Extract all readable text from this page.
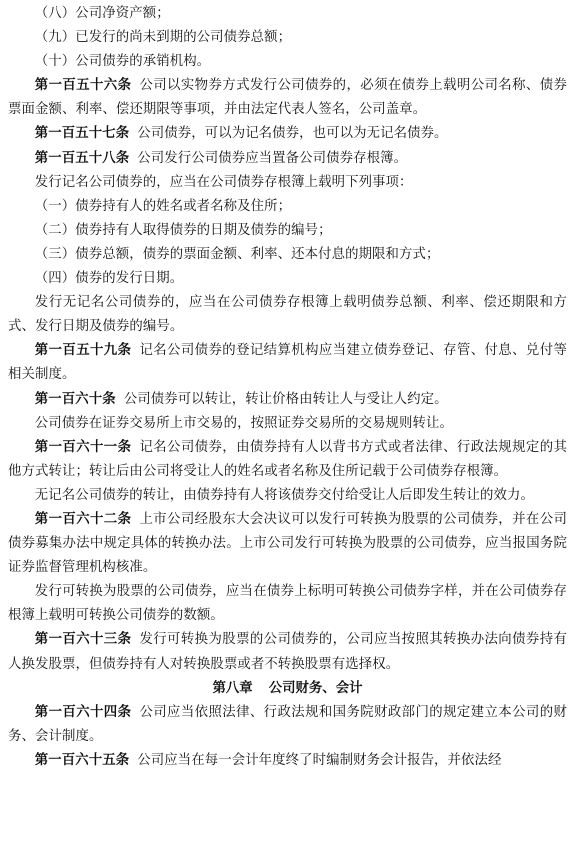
（八）公司净资产额；

（九）已发行的尚未到期的公司债券总额；

（十）公司债券的承销机构。

第一百五十六条 公司以实物券方式发行公司债券的，必须在债券上载明公司名称、债券票面金额、利率、偿还期限等事项，并由法定代表人签名，公司盖章。

第一百五十七条 公司债券，可以为记名债券，也可以为无记名债券。

第一百五十八条 公司发行公司债券应当置备公司债券存根簿。

发行记名公司债券的，应当在公司债券存根簿上载明下列事项：

（一）债券持有人的姓名或者名称及住所；

（二）债券持有人取得债券的日期及债券的编号；

（三）债券总额，债券的票面金额、利率、还本付息的期限和方式；

（四）债券的发行日期。

发行无记名公司债券的，应当在公司债券存根簿上载明债券总额、利率、偿还期限和方式、发行日期及债券的编号。

第一百五十九条 记名公司债券的登记结算机构应当建立债券登记、存管、付息、兑付等相关制度。

第一百六十条 公司债券可以转让，转让价格由转让人与受让人约定。

公司债券在证券交易所上市交易的，按照证券交易所的交易规则转让。

第一百六十一条 记名公司债券，由债券持有人以背书方式或者法律、行政法规规定的其他方式转让；转让后由公司将受让人的姓名或者名称及住所记载于公司债券存根簿。

无记名公司债券的转让，由债券持有人将该债券交付给受让人后即发生转让的效力。

第一百六十二条 上市公司经股东大会决议可以发行可转换为股票的公司债券，并在公司债券募集办法中规定具体的转换办法。上市公司发行可转换为股票的公司债券，应当报国务院证券监督管理机构核准。

发行可转换为股票的公司债券，应当在债券上标明可转换公司债券字样，并在公司债券存根簿上载明可转换公司债券的数额。

第一百六十三条 发行可转换为股票的公司债券的，公司应当按照其转换办法向债券持有人换发股票，但债券持有人对转换股票或者不转换股票有选择权。

第八章 公司财务、会计

第一百六十四条 公司应当依照法律、行政法规和国务院财政部门的规定建立本公司的财务、会计制度。

第一百六十五条 公司应当在每一会计年度终了时编制财务会计报告，并依法经
